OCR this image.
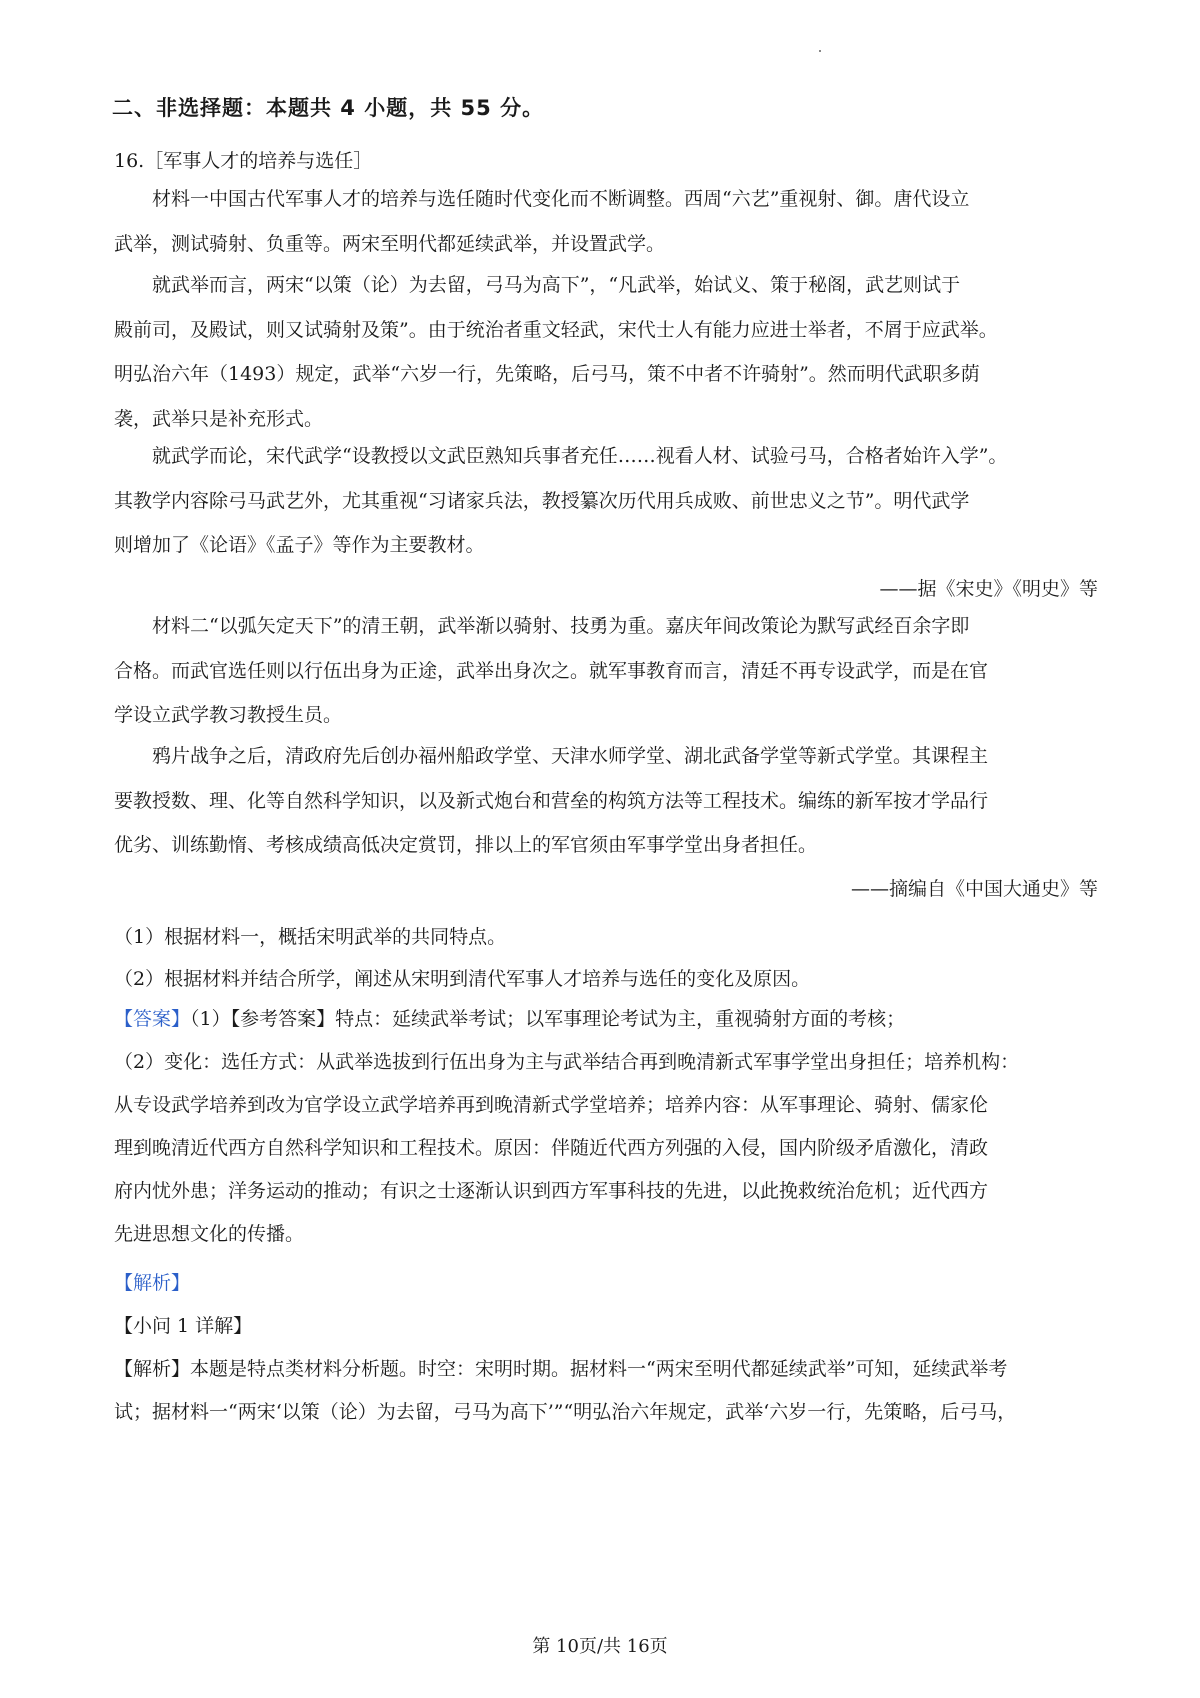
二、非选择题：本题共 4 小题，共 55 分。
16.［军事人才的培养与选任］
材料一中国古代军事人才的培养与选任随时代变化而不断调整。西周“六艺”重视射、御。唐代设立
武举，测试骑射、负重等。两宋至明代都延续武举，并设置武学。
就武举而言，两宋“以策（论）为去留，弓马为高下”，“凡武举，始试义、策于秘阁，武艺则试于
殿前司，及殿试，则又试骑射及策”。由于统治者重文轻武，宋代士人有能力应进士举者，不屑于应武举。
明弘治六年（1493）规定，武举“六岁一行，先策略，后弓马，策不中者不许骑射”。然而明代武职多荫
袭，武举只是补充形式。
就武学而论，宋代武学“设教授以文武臣熟知兵事者充任……视看人材、试验弓马，合格者始许入学”。
其教学内容除弓马武艺外，尤其重视“习诸家兵法，教授纂次历代用兵成败、前世忠义之节”。明代武学
则增加了《论语》《孟子》等作为主要教材。
——据《宋史》《明史》等
材料二“以弧矢定天下”的清王朝，武举渐以骑射、技勇为重。嘉庆年间改策论为默写武经百余字即
合格。而武官选任则以行伍出身为正途，武举出身次之。就军事教育而言，清廷不再专设武学，而是在官
学设立武学教习教授生员。
鸦片战争之后，清政府先后创办福州船政学堂、天津水师学堂、湖北武备学堂等新式学堂。其课程主
要教授数、理、化等自然科学知识，以及新式炮台和营垒的构筑方法等工程技术。编练的新军按才学品行
优劣、训练勤惰、考核成绩高低决定赏罚，排以上的军官须由军事学堂出身者担任。
——摘编自《中国大通史》等
（1）根据材料一，概括宋明武举的共同特点。
（2）根据材料并结合所学，阐述从宋明到清代军事人才培养与选任的变化及原因。
【答案】（1）【参考答案】特点：延续武举考试；以军事理论考试为主，重视骑射方面的考核；
（2）变化：选任方式：从武举选拔到行伍出身为主与武举结合再到晚清新式军事学堂出身担任；培养机构：
从专设武学培养到改为官学设立武学培养再到晚清新式学堂培养；培养内容：从军事理论、骑射、儒家伦
理到晚清近代西方自然科学知识和工程技术。原因：伴随近代西方列强的入侵，国内阶级矛盾激化，清政
府内忧外患；洋务运动的推动；有识之士逐渐认识到西方军事科技的先进，以此挽救统治危机；近代西方
先进思想文化的传播。
【解析】
【小问 1 详解】
【解析】本题是特点类材料分析题。时空：宋明时期。据材料一“两宋至明代都延续武举”可知，延续武举考
试；据材料一“两宋‘以策（论）为去留，弓马为高下’”“明弘治六年规定，武举‘六岁一行，先策略，后弓马，
第 10页/共 16页
